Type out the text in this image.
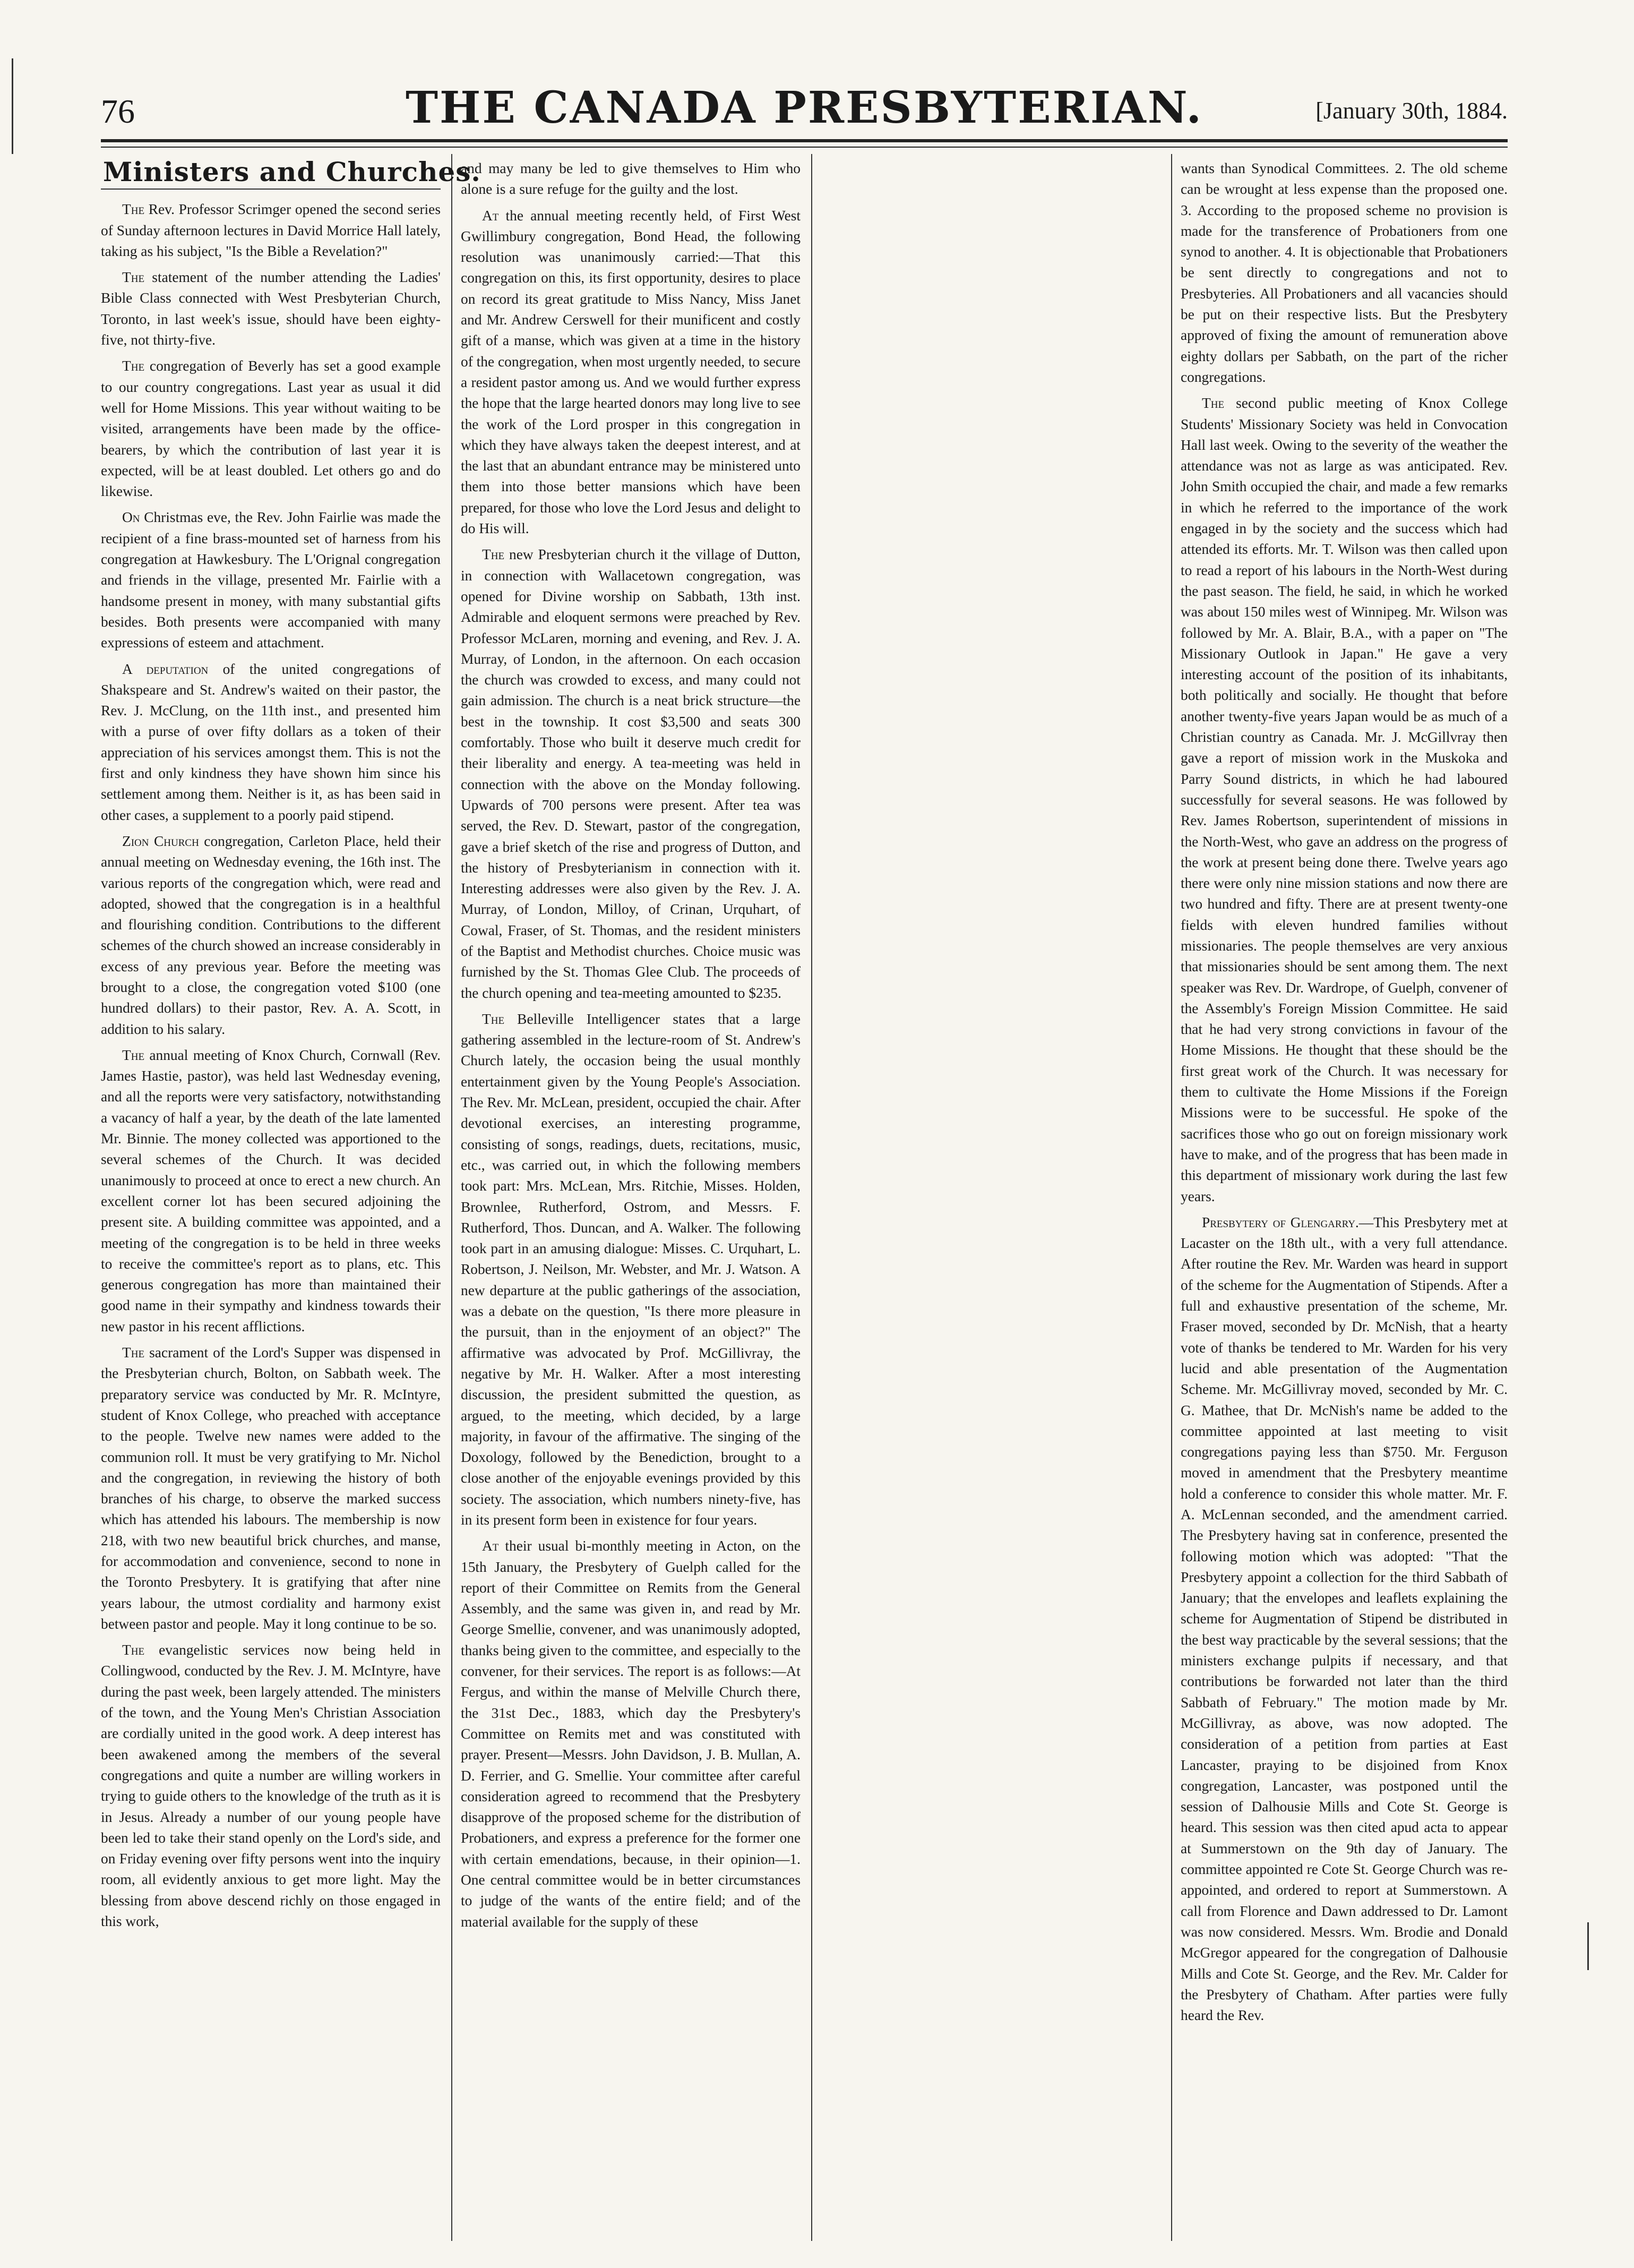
76	THE CANADA PRESBYTERIAN.	[January 30th, 1884.
Ministers and Churches.

The Rev. Professor Scrimger opened the second series of Sunday afternoon lectures in David Morrice Hall lately, taking as his subject, "Is the Bible a Revelation?"

The statement of the number attending the Ladies' Bible Class connected with West Presbyterian Church, Toronto, in last week's issue, should have been eighty-five, not thirty-five.

The congregation of Beverly has set a good example to our country congregations. Last year as usual it did well for Home Missions. This year without waiting to be visited, arrangements have been made by the office-bearers, by which the contribution of last year it is expected, will be at least doubled. Let others go and do likewise.

On Christmas eve, the Rev. John Fairlie was made the recipient of a fine brass-mounted set of harness from his congregation at Hawkesbury. The L'Orignal congregation and friends in the village, presented Mr. Fairlie with a handsome present in money, with many substantial gifts besides. Both presents were accompanied with many expressions of esteem and attachment.

A deputation of the united congregations of Shakspeare and St. Andrew's waited on their pastor, the Rev. J. McClung, on the 11th inst., and presented him with a purse of over fifty dollars as a token of their appreciation of his services amongst them. This is not the first and only kindness they have shown him since his settlement among them. Neither is it, as has been said in other cases, a supplement to a poorly paid stipend.

Zion Church congregation, Carleton Place, held their annual meeting on Wednesday evening, the 16th inst. The various reports of the congregation which, were read and adopted, showed that the congregation is in a healthful and flourishing condition. Contributions to the different schemes of the church showed an increase considerably in excess of any previous year. Before the meeting was brought to a close, the congregation voted $100 (one hundred dollars) to their pastor, Rev. A. A. Scott, in addition to his salary.

The annual meeting of Knox Church, Cornwall (Rev. James Hastie, pastor), was held last Wednesday evening, and all the reports were very satisfactory, notwithstanding a vacancy of half a year, by the death of the late lamented Mr. Binnie. The money collected was apportioned to the several schemes of the Church. It was decided unanimously to proceed at once to erect a new church. An excellent corner lot has been secured adjoining the present site. A building committee was appointed, and a meeting of the congregation is to be held in three weeks to receive the committee's report as to plans, etc. This generous congregation has more than maintained their good name in their sympathy and kindness towards their new pastor in his recent afflictions.

The sacrament of the Lord's Supper was dispensed in the Presbyterian church, Bolton, on Sabbath week. The preparatory service was conducted by Mr. R. McIntyre, student of Knox College, who preached with acceptance to the people. Twelve new names were added to the communion roll. It must be very gratifying to Mr. Nichol and the congregation, in reviewing the history of both branches of his charge, to observe the marked success which has attended his labours. The membership is now 218, with two new beautiful brick churches, and manse, for accommodation and convenience, second to none in the Toronto Presbytery. It is gratifying that after nine years labour, the utmost cordiality and harmony exist between pastor and people. May it long continue to be so.

The evangelistic services now being held in Collingwood, conducted by the Rev. J. M. McIntyre, have during the past week, been largely attended. The ministers of the town, and the Young Men's Christian Association are cordially united in the good work. A deep interest has been awakened among the members of the several congregations and quite a number are willing workers in trying to guide others to the knowledge of the truth as it is in Jesus. Already a number of our young people have been led to take their stand openly on the Lord's side, and on Friday evening over fifty persons went into the inquiry room, all evidently anxious to get more light. May the blessing from above descend richly on those engaged in this work,

and may many be led to give themselves to Him who alone is a sure refuge for the guilty and the lost.

At the annual meeting recently held, of First West Gwillimbury congregation, Bond Head, the following resolution was unanimously carried:—That this congregation on this, its first opportunity, desires to place on record its great gratitude to Miss Nancy, Miss Janet and Mr. Andrew Cerswell for their munificent and costly gift of a manse, which was given at a time in the history of the congregation, when most urgently needed, to secure a resident pastor among us. And we would further express the hope that the large hearted donors may long live to see the work of the Lord prosper in this congregation in which they have always taken the deepest interest, and at the last that an abundant entrance may be ministered unto them into those better mansions which have been prepared, for those who love the Lord Jesus and delight to do His will.

The new Presbyterian church it the village of Dutton, in connection with Wallacetown congregation, was opened for Divine worship on Sabbath, 13th inst. Admirable and eloquent sermons were preached by Rev. Professor McLaren, morning and evening, and Rev. J. A. Murray, of London, in the afternoon. On each occasion the church was crowded to excess, and many could not gain admission. The church is a neat brick structure—the best in the township. It cost $3,500 and seats 300 comfortably. Those who built it deserve much credit for their liberality and energy. A tea-meeting was held in connection with the above on the Monday following. Upwards of 700 persons were present. After tea was served, the Rev. D. Stewart, pastor of the congregation, gave a brief sketch of the rise and progress of Dutton, and the history of Presbyterianism in connection with it. Interesting addresses were also given by the Rev. J. A. Murray, of London, Milloy, of Crinan, Urquhart, of Cowal, Fraser, of St. Thomas, and the resident ministers of the Baptist and Methodist churches. Choice music was furnished by the St. Thomas Glee Club. The proceeds of the church opening and tea-meeting amounted to $235.

The Belleville Intelligencer states that a large gathering assembled in the lecture-room of St. Andrew's Church lately, the occasion being the usual monthly entertainment given by the Young People's Association. The Rev. Mr. McLean, president, occupied the chair. After devotional exercises, an interesting programme, consisting of songs, readings, duets, recitations, music, etc., was carried out, in which the following members took part: Mrs. McLean, Mrs. Ritchie, Misses. Holden, Brownlee, Rutherford, Ostrom, and Messrs. F. Rutherford, Thos. Duncan, and A. Walker. The following took part in an amusing dialogue: Misses. C. Urquhart, L. Robertson, J. Neilson, Mr. Webster, and Mr. J. Watson. A new departure at the public gatherings of the association, was a debate on the question, "Is there more pleasure in the pursuit, than in the enjoyment of an object?" The affirmative was advocated by Prof. McGillivray, the negative by Mr. H. Walker. After a most interesting discussion, the president submitted the question, as argued, to the meeting, which decided, by a large majority, in favour of the affirmative. The singing of the Doxology, followed by the Benediction, brought to a close another of the enjoyable evenings provided by this society. The association, which numbers ninety-five, has in its present form been in existence for four years.

At their usual bi-monthly meeting in Acton, on the 15th January, the Presbytery of Guelph called for the report of their Committee on Remits from the General Assembly, and the same was given in, and read by Mr. George Smellie, convener, and was unanimously adopted, thanks being given to the committee, and especially to the convener, for their services. The report is as follows:—At Fergus, and within the manse of Melville Church there, the 31st Dec., 1883, which day the Presbytery's Committee on Remits met and was constituted with prayer. Present—Messrs. John Davidson, J. B. Mullan, A. D. Ferrier, and G. Smellie. Your committee after careful consideration agreed to recommend that the Presbytery disapprove of the proposed scheme for the distribution of Probationers, and express a preference for the former one with certain emendations, because, in their opinion—1. One central committee would be in better circumstances to judge of the wants of the entire field; and of the material available for the supply of these

wants than Synodical Committees. 2. The old scheme can be wrought at less expense than the proposed one. 3. According to the proposed scheme no provision is made for the transference of Probationers from one synod to another. 4. It is objectionable that Probationers be sent directly to congregations and not to Presbyteries. All Probationers and all vacancies should be put on their respective lists. But the Presbytery approved of fixing the amount of remuneration above eighty dollars per Sabbath, on the part of the richer congregations.

The second public meeting of Knox College Students' Missionary Society was held in Convocation Hall last week. Owing to the severity of the weather the attendance was not as large as was anticipated. Rev. John Smith occupied the chair, and made a few remarks in which he referred to the importance of the work engaged in by the society and the success which had attended its efforts. Mr. T. Wilson was then called upon to read a report of his labours in the North-West during the past season. The field, he said, in which he worked was about 150 miles west of Winnipeg. Mr. Wilson was followed by Mr. A. Blair, B.A., with a paper on "The Missionary Outlook in Japan." He gave a very interesting account of the position of its inhabitants, both politically and socially. He thought that before another twenty-five years Japan would be as much of a Christian country as Canada. Mr. J. McGillvray then gave a report of mission work in the Muskoka and Parry Sound districts, in which he had laboured successfully for several seasons. He was followed by Rev. James Robertson, superintendent of missions in the North-West, who gave an address on the progress of the work at present being done there. Twelve years ago there were only nine mission stations and now there are two hundred and fifty. There are at present twenty-one fields with eleven hundred families without missionaries. The people themselves are very anxious that missionaries should be sent among them. The next speaker was Rev. Dr. Wardrope, of Guelph, convener of the Assembly's Foreign Mission Committee. He said that he had very strong convictions in favour of the Home Missions. He thought that these should be the first great work of the Church. It was necessary for them to cultivate the Home Missions if the Foreign Missions were to be successful. He spoke of the sacrifices those who go out on foreign missionary work have to make, and of the progress that has been made in this department of missionary work during the last few years.

Presbytery of Glengarry.—This Presbytery met at Lacaster on the 18th ult., with a very full attendance. After routine the Rev. Mr. Warden was heard in support of the scheme for the Augmentation of Stipends. After a full and exhaustive presentation of the scheme, Mr. Fraser moved, seconded by Dr. McNish, that a hearty vote of thanks be tendered to Mr. Warden for his very lucid and able presentation of the Augmentation Scheme. Mr. McGillivray moved, seconded by Mr. C. G. Mathee, that Dr. McNish's name be added to the committee appointed at last meeting to visit congregations paying less than $750. Mr. Ferguson moved in amendment that the Presbytery meantime hold a conference to consider this whole matter. Mr. F. A. McLennan seconded, and the amendment carried. The Presbytery having sat in conference, presented the following motion which was adopted: "That the Presbytery appoint a collection for the third Sabbath of January; that the envelopes and leaflets explaining the scheme for Augmentation of Stipend be distributed in the best way practicable by the several sessions; that the ministers exchange pulpits if necessary, and that contributions be forwarded not later than the third Sabbath of February." The motion made by Mr. McGillivray, as above, was now adopted. The consideration of a petition from parties at East Lancaster, praying to be disjoined from Knox congregation, Lancaster, was postponed until the session of Dalhousie Mills and Cote St. George is heard. This session was then cited apud acta to appear at Summerstown on the 9th day of January. The committee appointed re Cote St. George Church was re-appointed, and ordered to report at Summerstown. A call from Florence and Dawn addressed to Dr. Lamont was now considered. Messrs. Wm. Brodie and Donald McGregor appeared for the congregation of Dalhousie Mills and Cote St. George, and the Rev. Mr. Calder for the Presbytery of Chatham. After parties were fully heard the Rev.
